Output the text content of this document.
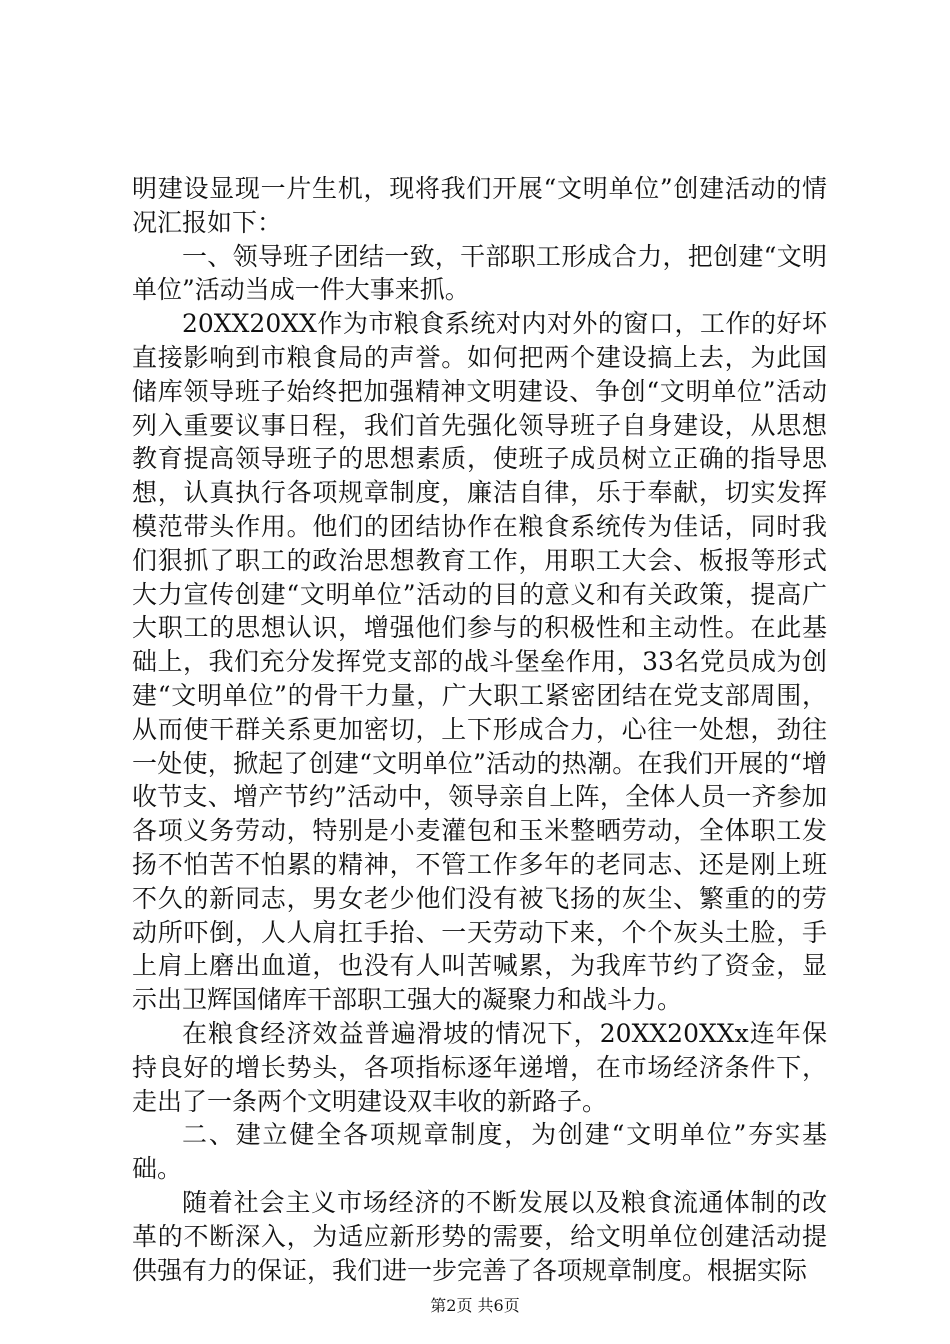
明建设显现一片生机，现将我们开展“文明单位”创建活动的情况汇报如下：

一、领导班子团结一致，干部职工形成合力，把创建“文明单位”活动当成一件大事来抓。

20XX20XX作为市粮食系统对内对外的窗口，工作的好坏直接影响到市粮食局的声誉。如何把两个建设搞上去，为此国储库领导班子始终把加强精神文明建设、争创“文明单位”活动列入重要议事日程，我们首先强化领导班子自身建设，从思想教育提高领导班子的思想素质，使班子成员树立正确的指导思想，认真执行各项规章制度，廉洁自律，乐于奉献，切实发挥模范带头作用。他们的团结协作在粮食系统传为佳话，同时我们狠抓了职工的政治思想教育工作，用职工大会、板报等形式大力宣传创建“文明单位”活动的目的意义和有关政策，提高广大职工的思想认识，增强他们参与的积极性和主动性。在此基础上，我们充分发挥党支部的战斗堡垒作用，33名党员成为创建“文明单位”的骨干力量，广大职工紧密团结在党支部周围，从而使干群关系更加密切，上下形成合力，心往一处想，劲往一处使，掀起了创建“文明单位”活动的热潮。在我们开展的“增收节支、增产节约”活动中，领导亲自上阵，全体人员一齐参加各项义务劳动，特别是小麦灌包和玉米整晒劳动，全体职工发扬不怕苦不怕累的精神，不管工作多年的老同志、还是刚上班不久的新同志，男女老少他们没有被飞扬的灰尘、繁重的的劳动所吓倒，人人肩扛手抬、一天劳动下来，个个灰头土脸，手上肩上磨出血道，也没有人叫苦喊累，为我库节约了资金，显示出卫辉国储库干部职工强大的凝聚力和战斗力。

在粮食经济效益普遍滑坡的情况下，20XX20XXx连年保持良好的增长势头，各项指标逐年递增，在市场经济条件下，走出了一条两个文明建设双丰收的新路子。

二、建立健全各项规章制度，为创建“文明单位”夯实基础。

随着社会主义市场经济的不断发展以及粮食流通体制的改革的不断深入，为适应新形势的需要，给文明单位创建活动提供强有力的保证，我们进一步完善了各项规章制度。根据实际

第2页 共6页
